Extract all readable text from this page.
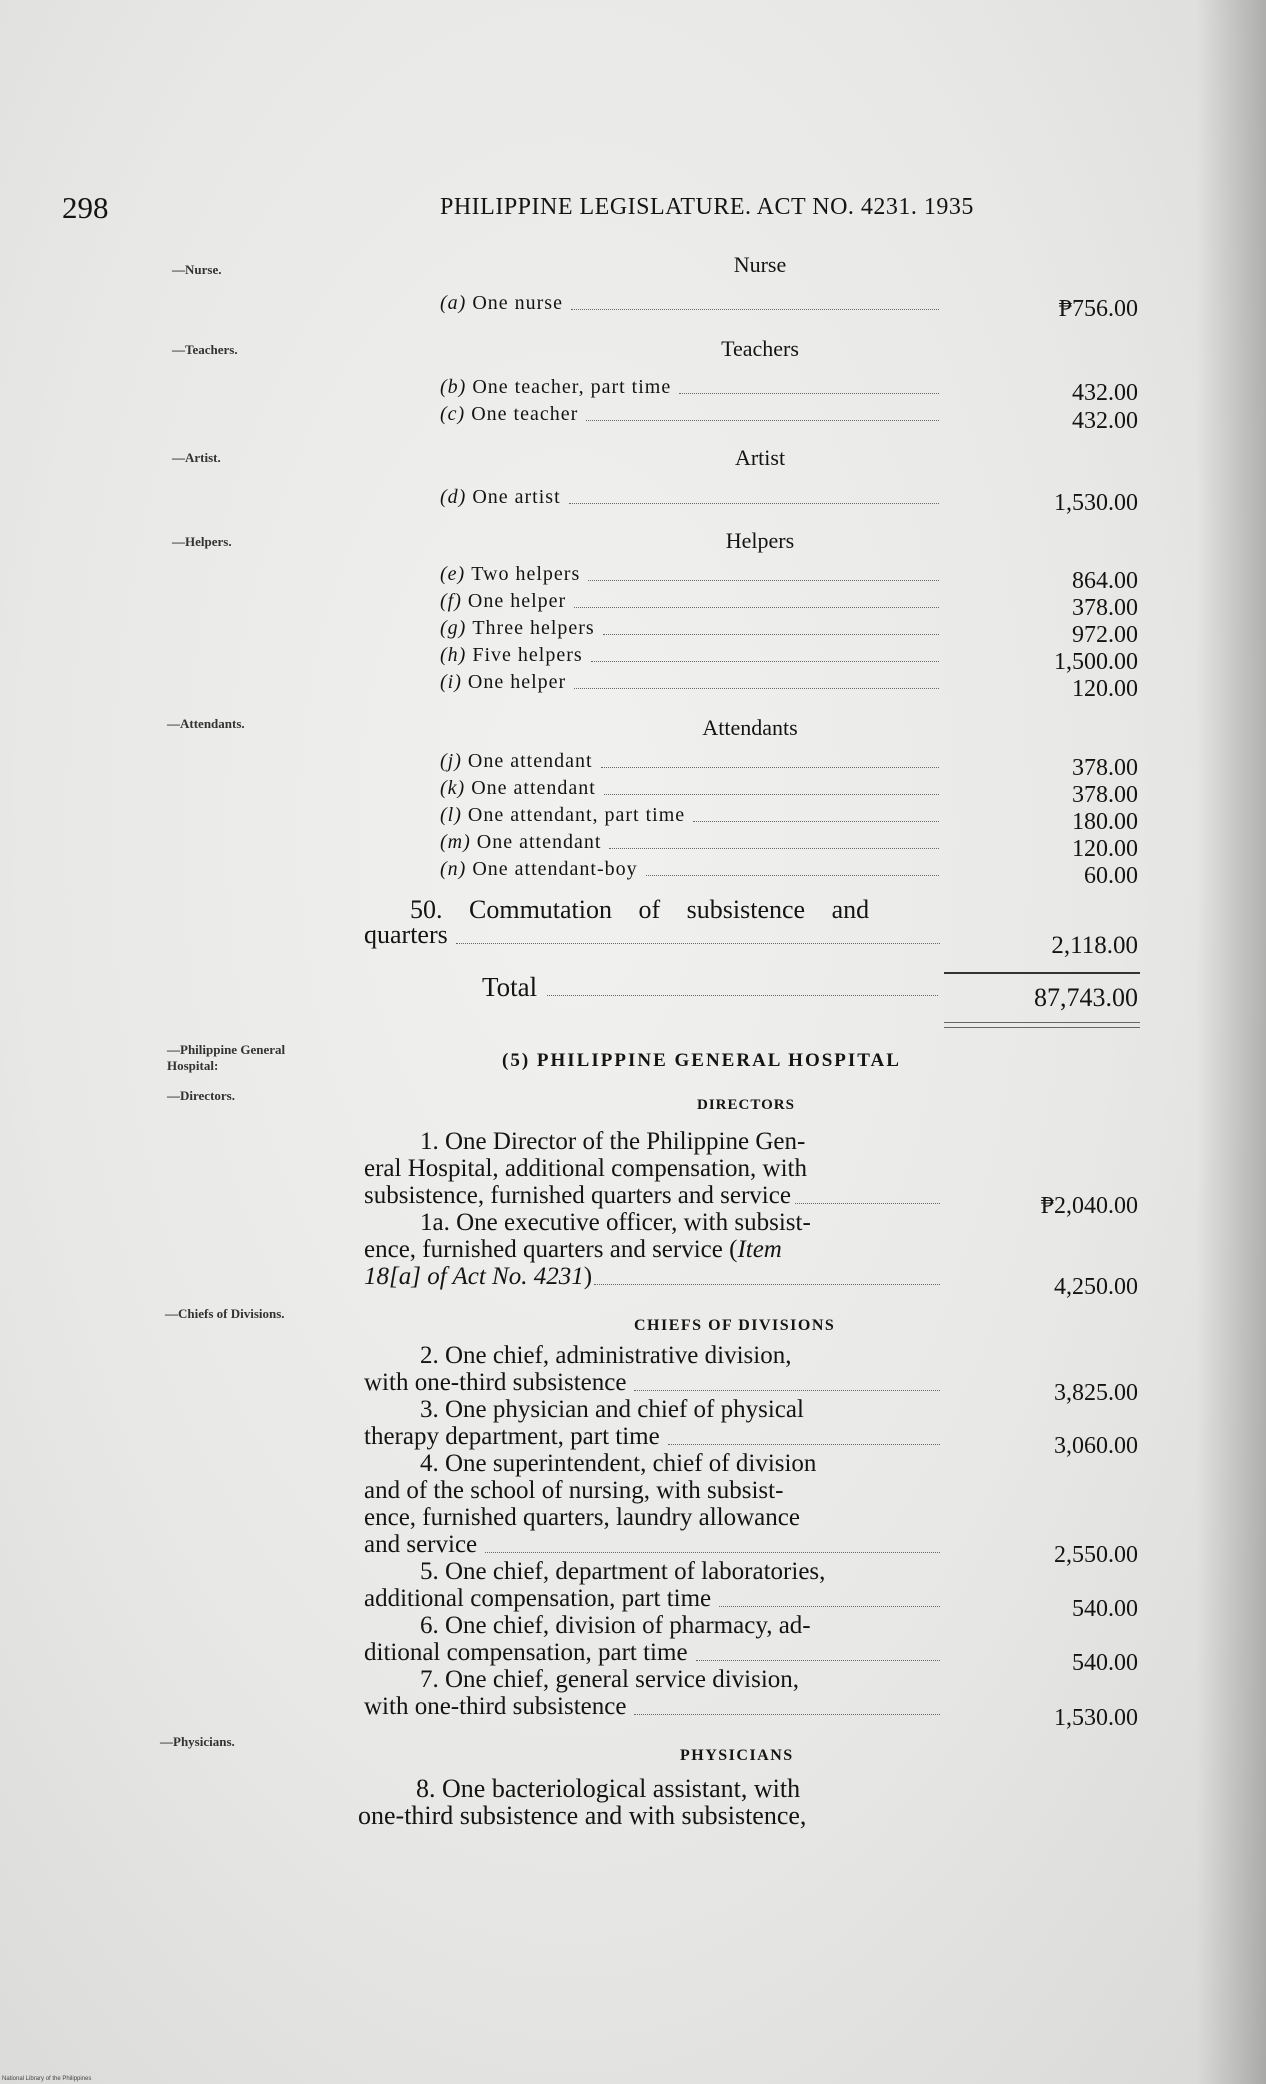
298	PHILIPPINE LEGISLATURE. ACT NO. 4231. 1935
—Nurse.
—Teachers.
—Artist.
—Helpers.
—Attendants.
—Philippine General
Hospital:
—Directors.
—Chiefs of Divisions.
—Physicians.
Nurse
(a)
One nurse	₱756.00
Teachers
(b)
One teacher, part time	432.00
(c)
One teacher	432.00
Artist
(d)
One artist	1,530.00
Helpers
(e)
Two helpers	864.00
(f)
One helper	378.00
(g)
Three helpers	972.00
(h)
Five helpers	1,500.00
(i)
One helper	120.00
Attendants
(j)
One attendant	378.00
(k)
One attendant	378.00
(l)
One attendant, part time	180.00
(m)
One attendant	120.00
(n)
One attendant-boy	60.00
50. Commutation of subsistence and
quarters	2,118.00
Total	87,743.00
(5) PHILIPPINE GENERAL HOSPITAL
DIRECTORS
1. One Director of the Philippine Gen-
eral Hospital, additional compensation, with
subsistence, furnished quarters and service	₱2,040.00
1a. One executive officer, with subsist-
ence, furnished quarters and service (Item
18[a] of Act No. 4231 )	4,250.00
CHIEFS OF DIVISIONS
2. One chief, administrative division,
with one-third subsistence	3,825.00
3. One physician and chief of physical
therapy department, part time	3,060.00
4. One superintendent, chief of division
and of the school of nursing, with subsist-
ence, furnished quarters, laundry allowance
and service	2,550.00
5. One chief, department of laboratories,
additional compensation, part time	540.00
6. One chief, division of pharmacy, ad-
ditional compensation, part time	540.00
7. One chief, general service division,
with one-third subsistence	1,530.00
PHYSICIANS
8. One bacteriological assistant, with
one-third subsistence and with subsistence,
National Library of the Philippines
